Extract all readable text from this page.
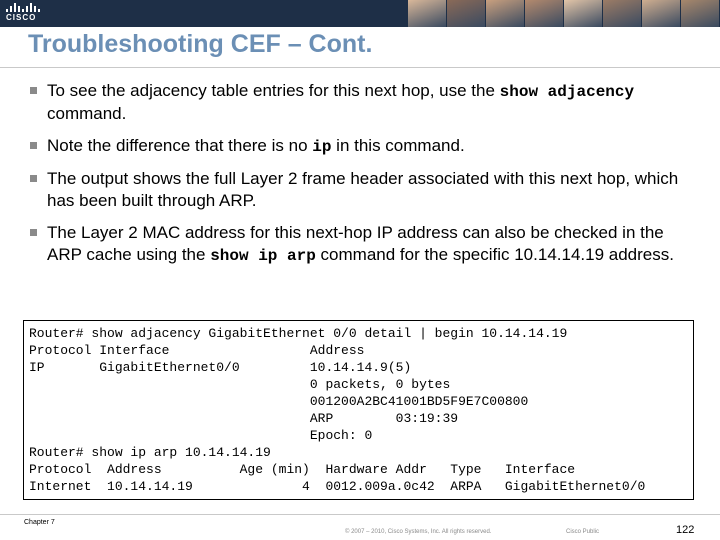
CISCO
Troubleshooting CEF – Cont.
To see the adjacency table entries for this next hop, use the show adjacency command.
Note the difference that there is no ip in this command.
The output shows the full Layer 2 frame header associated with this next hop, which has been built through ARP.
The Layer 2 MAC address for this next-hop IP address can also be checked in the ARP cache using the show ip arp command for the specific 10.14.14.19 address.
Router# show adjacency GigabitEthernet 0/0 detail | begin 10.14.14.19
Protocol Interface                  Address
IP       GigabitEthernet0/0         10.14.14.9(5)
0 packets, 0 bytes
001200A2BC41001BD5F9E7C00800
ARP        03:19:39
Epoch: 0
Router# show ip arp 10.14.14.19
Protocol  Address          Age (min)  Hardware Addr   Type   Interface
Internet  10.14.14.19              4  0012.009a.0c42  ARPA   GigabitEthernet0/0
Chapter 7
© 2007 – 2010, Cisco Systems, Inc. All rights reserved.	Cisco Public	122
